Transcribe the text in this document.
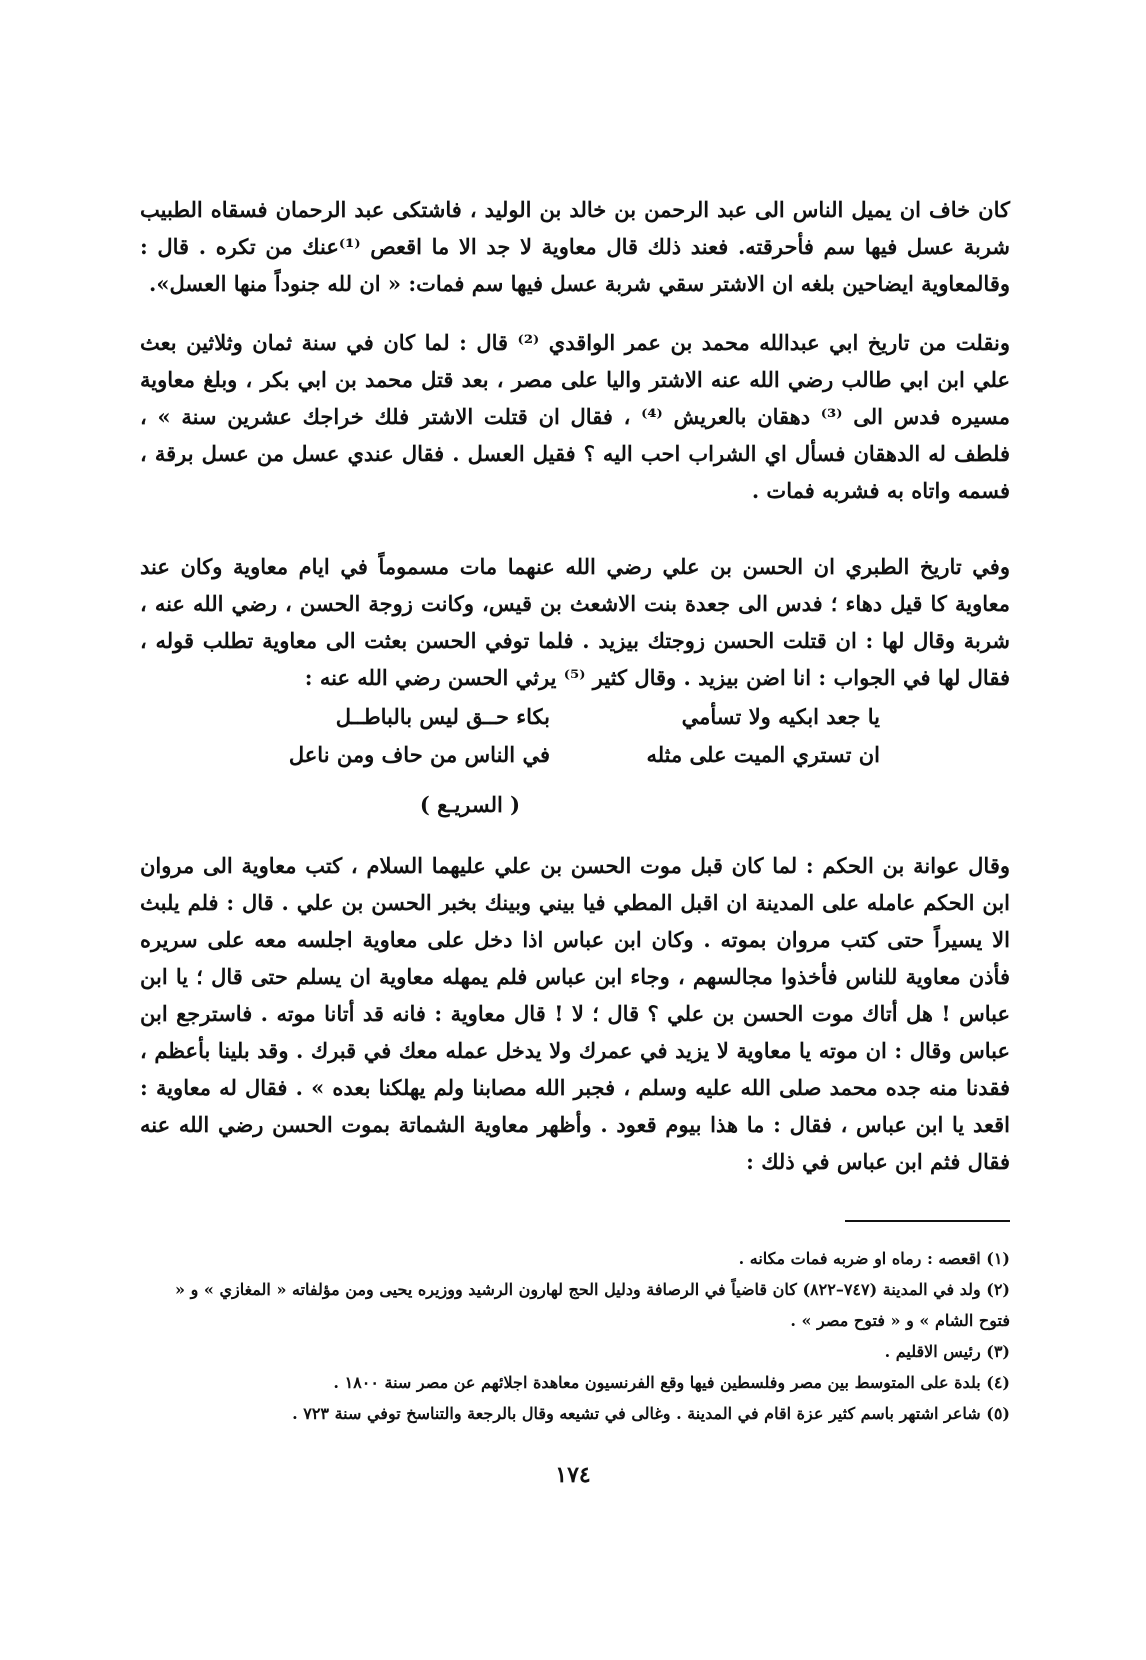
كان خاف ان يميل الناس الى عبد الرحمن بن خالد بن الوليد ، فاشتكى عبد الرحمان فسقاه الطبيب شربة عسل فيها سم فأحرقته. فعند ذلك قال معاوية لا جد الا ما اقعص ⁽¹⁾عنك من تكره . قال : وقالمعاوية ايضاحين بلغه ان الاشتر سقي شربة عسل فيها سم فمات: « ان لله جنوداً منها العسل».

ونقلت من تاريخ ابي عبدالله محمد بن عمر الواقدي ⁽²⁾ قال : لما كان في سنة ثمان وثلاثين بعث علي ابن ابي طالب رضي الله عنه الاشتر واليا على مصر ، بعد قتل محمد بن ابي بكر ، وبلغ معاوية مسيره فدس الى ⁽³⁾ دهقان بالعريش ⁽⁴⁾ ، فقال ان قتلت الاشتر فلك خراجك عشرين سنة » ، فلطف له الدهقان فسأل اي الشراب احب اليه ؟ فقيل العسل . فقال عندي عسل من عسل برقة ، فسمه واتاه به فشربه فمات .

وفي تاريخ الطبري ان الحسن بن علي رضي الله عنهما مات مسموماً في ايام معاوية وكان عند معاوية كا قيل دهاء ؛ فدس الى جعدة بنت الاشعث بن قيس، وكانت زوجة الحسن ، رضي الله عنه ، شربة وقال لها : ان قتلت الحسن زوجتك بيزيد . فلما توفي الحسن بعثت الى معاوية تطلب قوله ، فقال لها في الجواب : انا اضن بيزيد . وقال كثير ⁽⁵⁾ يرثي الحسن رضي الله عنه :

يا جعد ابكيه ولا تسأمي
بكاء حــق ليس بالباطــل
ان تستري الميت على مثله
في الناس من حاف ومن ناعل
( السريـع )

وقال عوانة بن الحكم : لما كان قبل موت الحسن بن علي عليهما السلام ، كتب معاوية الى مروان ابن الحكم عامله على المدينة ان اقبل المطي فيا بيني وبينك بخبر الحسن بن علي . قال : فلم يلبث الا يسيراً حتى كتب مروان بموته . وكان ابن عباس اذا دخل على معاوية اجلسه معه على سريره فأذن معاوية للناس فأخذوا مجالسهم ، وجاء ابن عباس فلم يمهله معاوية ان يسلم حتى قال ؛ يا ابن عباس ! هل أتاك موت الحسن بن علي ؟ قال ؛ لا ! قال معاوية : فانه قد أتانا موته . فاسترجع ابن عباس وقال : ان موته يا معاوية لا يزيد في عمرك ولا يدخل عمله معك في قبرك . وقد بلينا بأعظم ، فقدنا منه جده محمد صلى الله عليه وسلم ، فجبر الله مصابنا ولم يهلكنا بعده » . فقال له معاوية : اقعد يا ابن عباس ، فقال : ما هذا بيوم قعود . وأظهر معاوية الشماتة بموت الحسن رضي الله عنه فقال فثم ابن عباس في ذلك :

(١) اقعصه : رماه او ضربه فمات مكانه .
(٢) ولد في المدينة (٧٤٧–٨٢٢) كان قاضياً في الرصافة ودليل الحج لهارون الرشيد ووزيره يحيى ومن مؤلفاته « المغازي » و « فتوح الشام » و « فتوح مصر » .
(٣) رئيس الاقليم .
(٤) بلدة على المتوسط بين مصر وفلسطين فيها وقع الفرنسيون معاهدة اجلائهم عن مصر سنة ١٨٠٠ .
(٥) شاعر اشتهر باسم كثير عزة اقام في المدينة . وغالى في تشيعه وقال بالرجعة والتناسخ توفي سنة ٧٢٣ .
١٧٤
